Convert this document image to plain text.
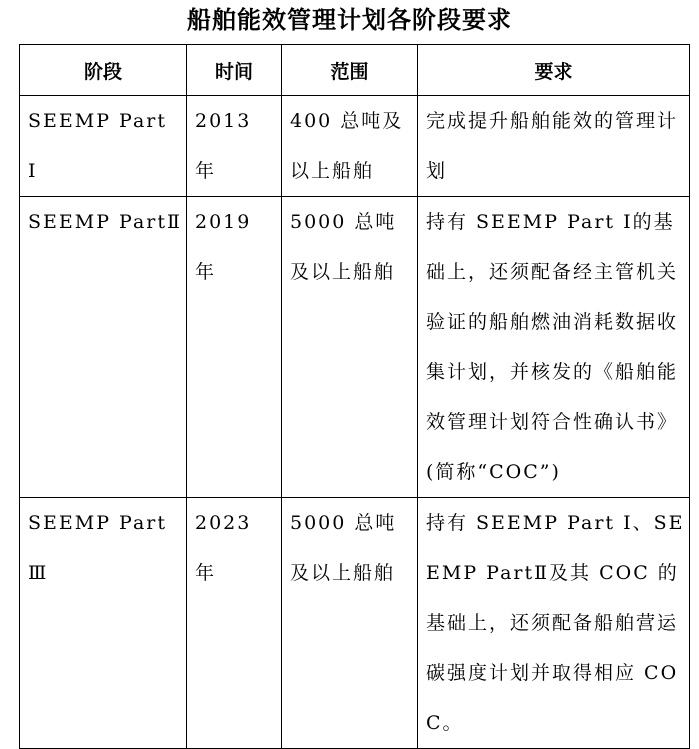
船舶能效管理计划各阶段要求
阶段	时间	范围	要求
SEEMP Part Ⅰ	2013 年	400 总吨及以上船舶	完成提升船舶能效的管理计划
SEEMP PartⅡ	2019 年	5000 总吨及以上船舶	持有 SEEMP Part Ⅰ的基础上，还须配备经主管机关验证的船舶燃油消耗数据收集计划，并核发的《船舶能效管理计划符合性确认书》(简称“COC”)
SEEMP Part Ⅲ	2023 年	5000 总吨及以上船舶	持有 SEEMP Part Ⅰ、SEEMP PartⅡ及其 COC 的基础上，还须配备船舶营运碳强度计划并取得相应 COC。
